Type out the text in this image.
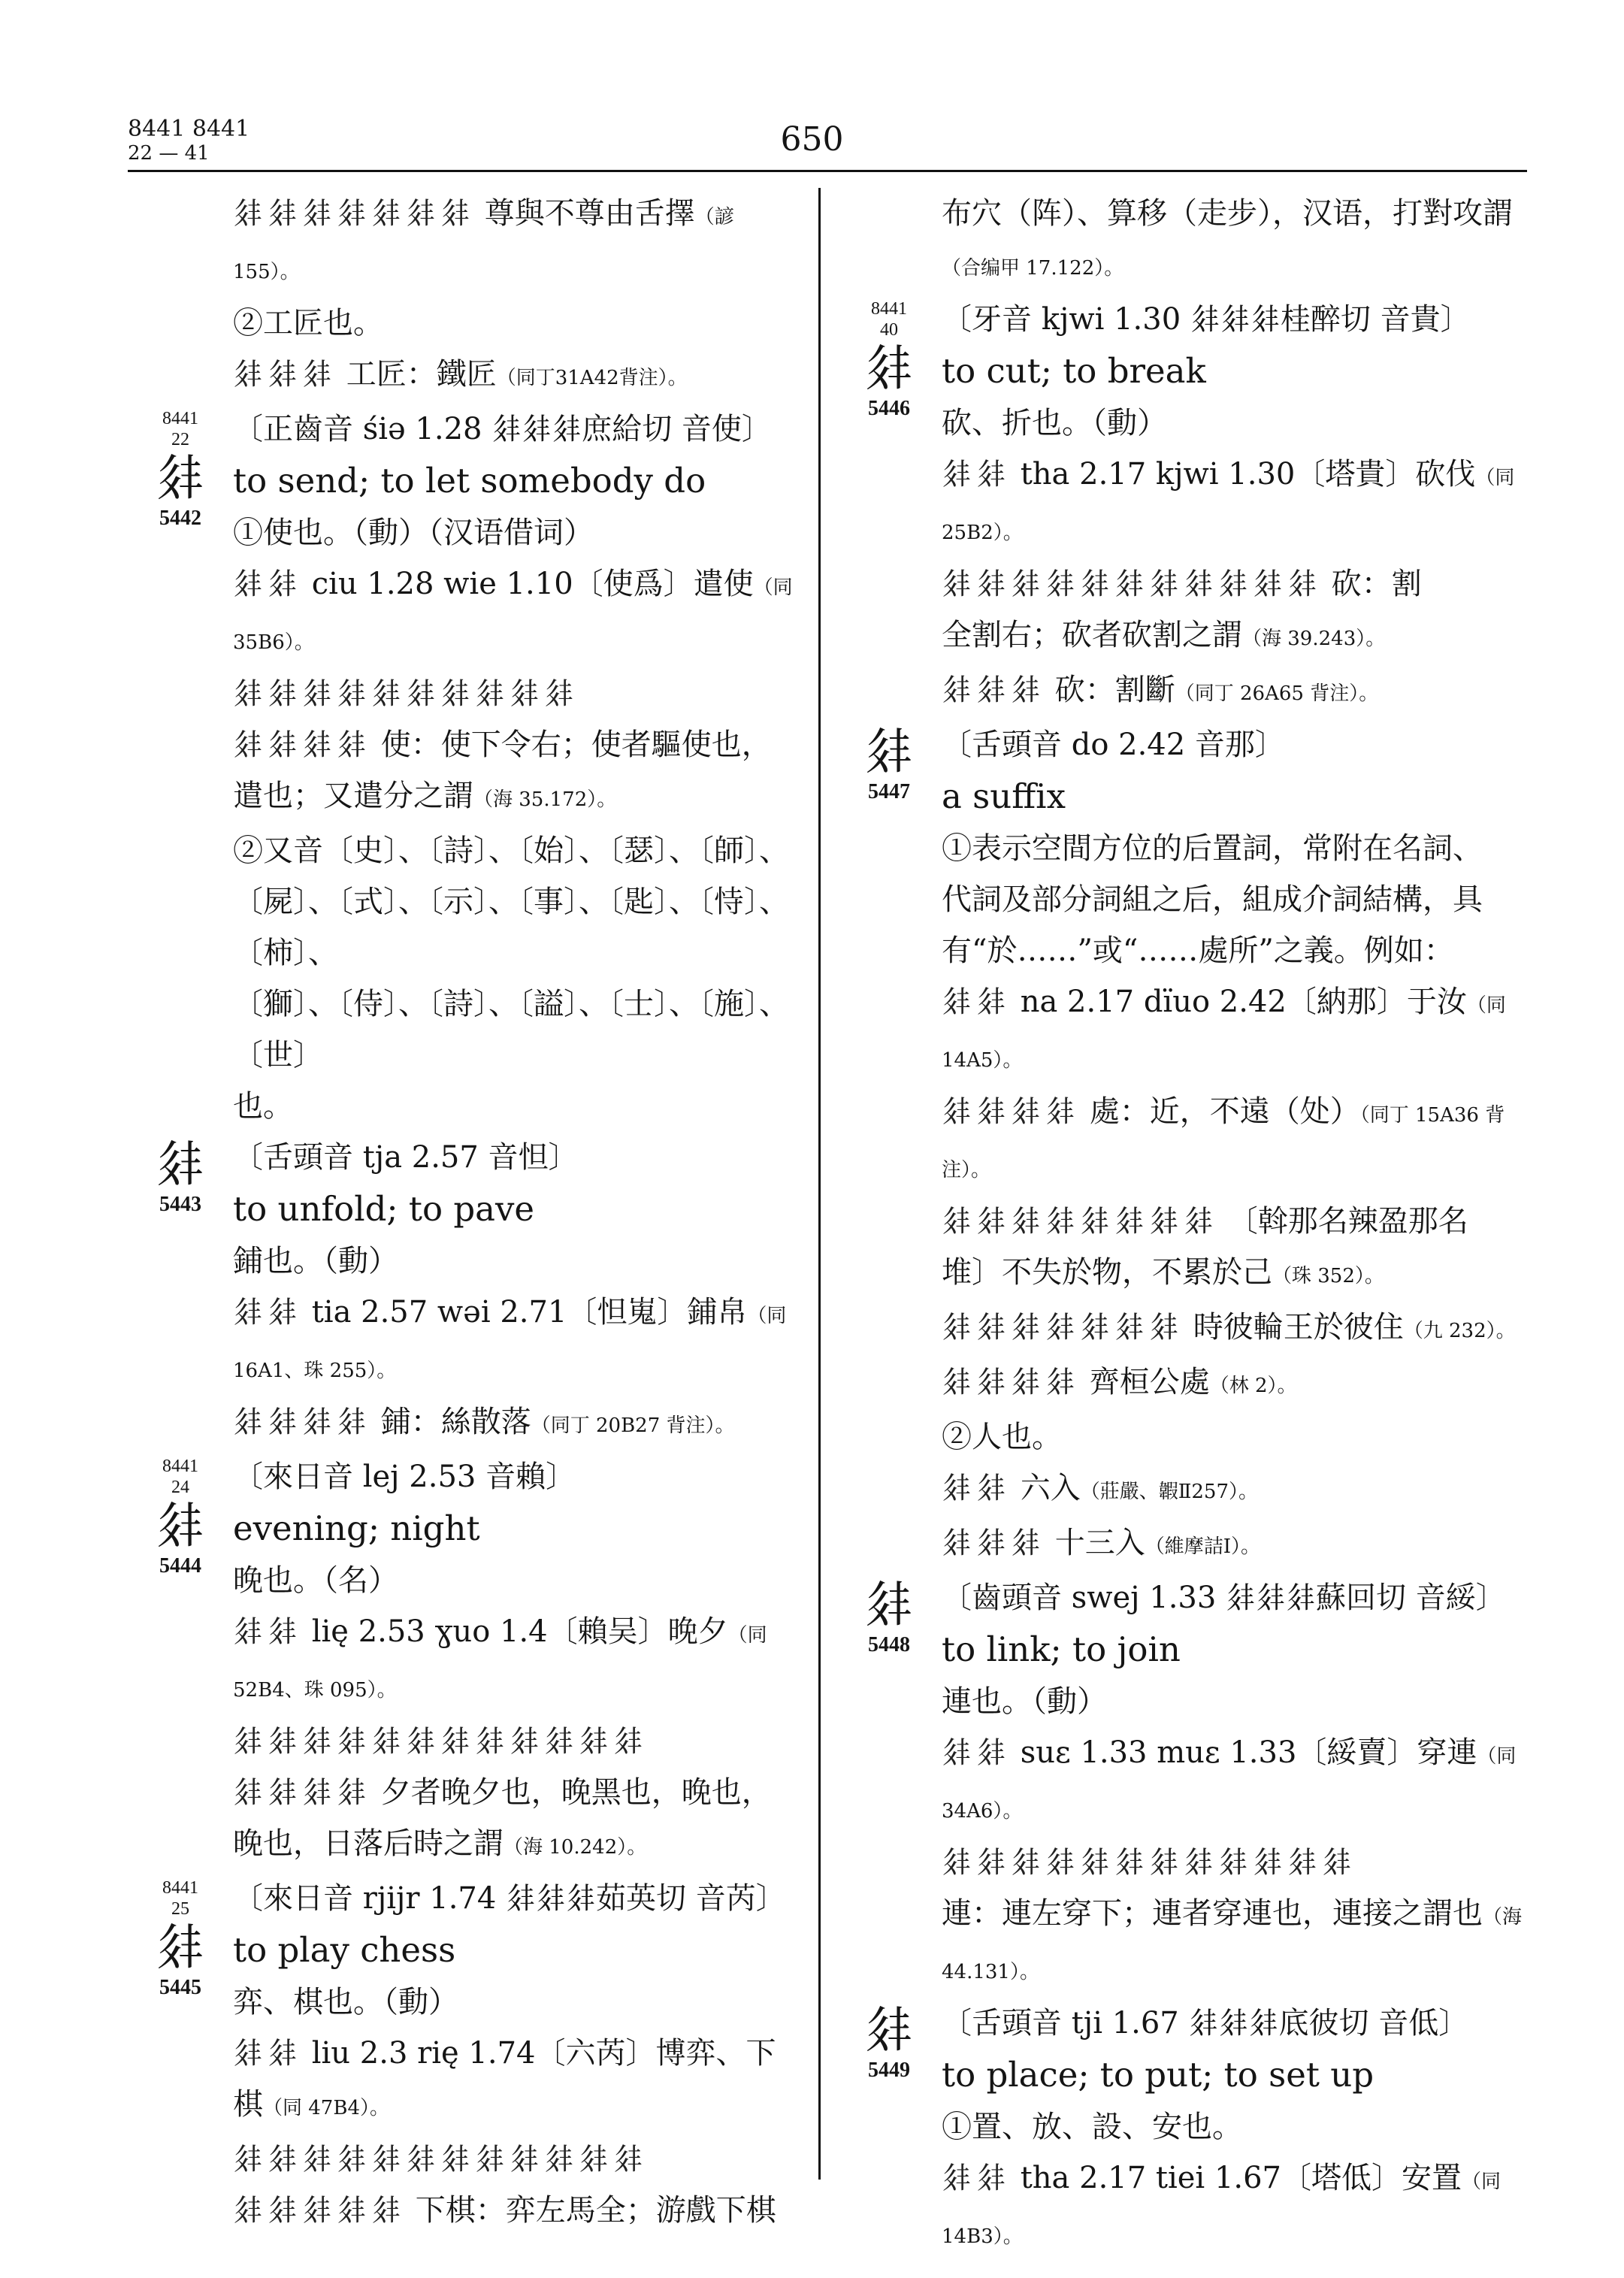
8441 8441
22 — 41	650

𗢳𗢳𗢳𗢳𗢳𗢳𗢳 尊與不尊由舌擇（諺 155）。

②工匠也。

𗢳𗢳𗢳 工匠：鐵匠（同丁31A42背注）。

8441
22
𗢳
5442

〔正齒音 śiə 1.28 𗢳𗢳𗢳庶給切 音使〕

to send; to let somebody do

①使也。（動）（汉语借词）

𗢳𗢳 ciu 1.28 wie 1.10〔使爲〕遣使（同 35B6）。

𗢳𗢳𗢳𗢳𗢳𗢳𗢳𗢳𗢳𗢳

𗢳𗢳𗢳𗢳 使：使下令右；使者驅使也，

遣也；又遣分之謂（海 35.172）。

②又音〔史〕、〔詩〕、〔始〕、〔瑟〕、〔師〕、

〔屍〕、〔式〕、〔示〕、〔事〕、〔匙〕、〔恃〕、〔柿〕、

〔獅〕、〔侍〕、〔詩〕、〔謚〕、〔士〕、〔施〕、〔世〕

也。

𗢳
5443

〔舌頭音 tja 2.57 音怛〕

to unfold; to pave

鋪也。（動）

𗢳𗢳 tia 2.57 wəi 2.71〔怛嵬〕鋪帛（同 16A1、珠 255）。

𗢳𗢳𗢳𗢳 鋪：絲散落（同丁 20B27 背注）。

8441
24
𗢳
5444

〔來日音 lej 2.53 音賴〕

evening; night

晚也。（名）

𗢳𗢳 lię 2.53 ɣuo 1.4〔賴吴〕晚夕（同 52B4、珠 095）。

𗢳𗢳𗢳𗢳𗢳𗢳𗢳𗢳𗢳𗢳𗢳𗢳

𗢳𗢳𗢳𗢳 夕者晚夕也，晚黑也，晚也，

晚也，日落后時之謂（海 10.242）。

8441
25
𗢳
5445

〔來日音 rjijr 1.74 𗢳𗢳𗢳茹英切 音芮〕

to play chess

弈、棋也。（動）

𗢳𗢳 liu 2.3 rię 1.74〔六芮〕博弈、下棋（同 47B4）。

𗢳𗢳𗢳𗢳𗢳𗢳𗢳𗢳𗢳𗢳𗢳𗢳

𗢳𗢳𗢳𗢳𗢳 下棋：弈左馬全；游戲下棋

布穴（阵）、算移（走步），汉语，打對攻謂（合编甲 17.122）。

8441
40
𗢳
5446

〔牙音 kjwi 1.30 𗢳𗢳𗢳桂醉切 音貴〕

to cut; to break

砍、折也。（動）

𗢳𗢳 tha 2.17 kjwi 1.30〔塔貴〕砍伐（同25B2）。

𗢳𗢳𗢳𗢳𗢳𗢳𗢳𗢳𗢳𗢳𗢳 砍：割

全割右；砍者砍割之謂（海 39.243）。

𗢳𗢳𗢳 砍：割斷（同丁 26A65 背注）。

𗢳
5447

〔舌頭音 do 2.42 音那〕

a suffix

①表示空間方位的后置詞，常附在名詞、

代詞及部分詞組之后，組成介詞結構，具

有“於……”或“……處所”之義。例如：

𗢳𗢳 na 2.17 dïuo 2.42〔納那〕于汝（同 14A5）。

𗢳𗢳𗢳𗢳 處：近，不遠（处）（同丁 15A36 背注）。

𗢳𗢳𗢳𗢳𗢳𗢳𗢳𗢳 〔斡那名辣盈那名

堆〕不失於物，不累於己（珠 352）。

𗢳𗢳𗢳𗢳𗢳𗢳𗢳 時彼輪王於彼住（九 232）。

𗢳𗢳𗢳𗢳 齊桓公處（林 2）。

②人也。

𗢳𗢳 六入（莊嚴、䪗Ⅱ257）。

𗢳𗢳𗢳 十三入（維摩詰Ⅰ）。

𗢳
5448

〔齒頭音 swej 1.33 𗢳𗢳𗢳蘇回切 音綏〕

to link; to join

連也。（動）

𗢳𗢳 suɛ 1.33 muɛ 1.33〔綏賣〕穿連（同 34A6）。

𗢳𗢳𗢳𗢳𗢳𗢳𗢳𗢳𗢳𗢳𗢳𗢳

連：連左穿下；連者穿連也，連接之謂也（海 44.131）。

𗢳
5449

〔舌頭音 tji 1.67 𗢳𗢳𗢳底彼切 音低〕

to place; to put; to set up

①置、放、設、安也。

𗢳𗢳 tha 2.17 tiei 1.67〔塔低〕安置（同 14B3）。
